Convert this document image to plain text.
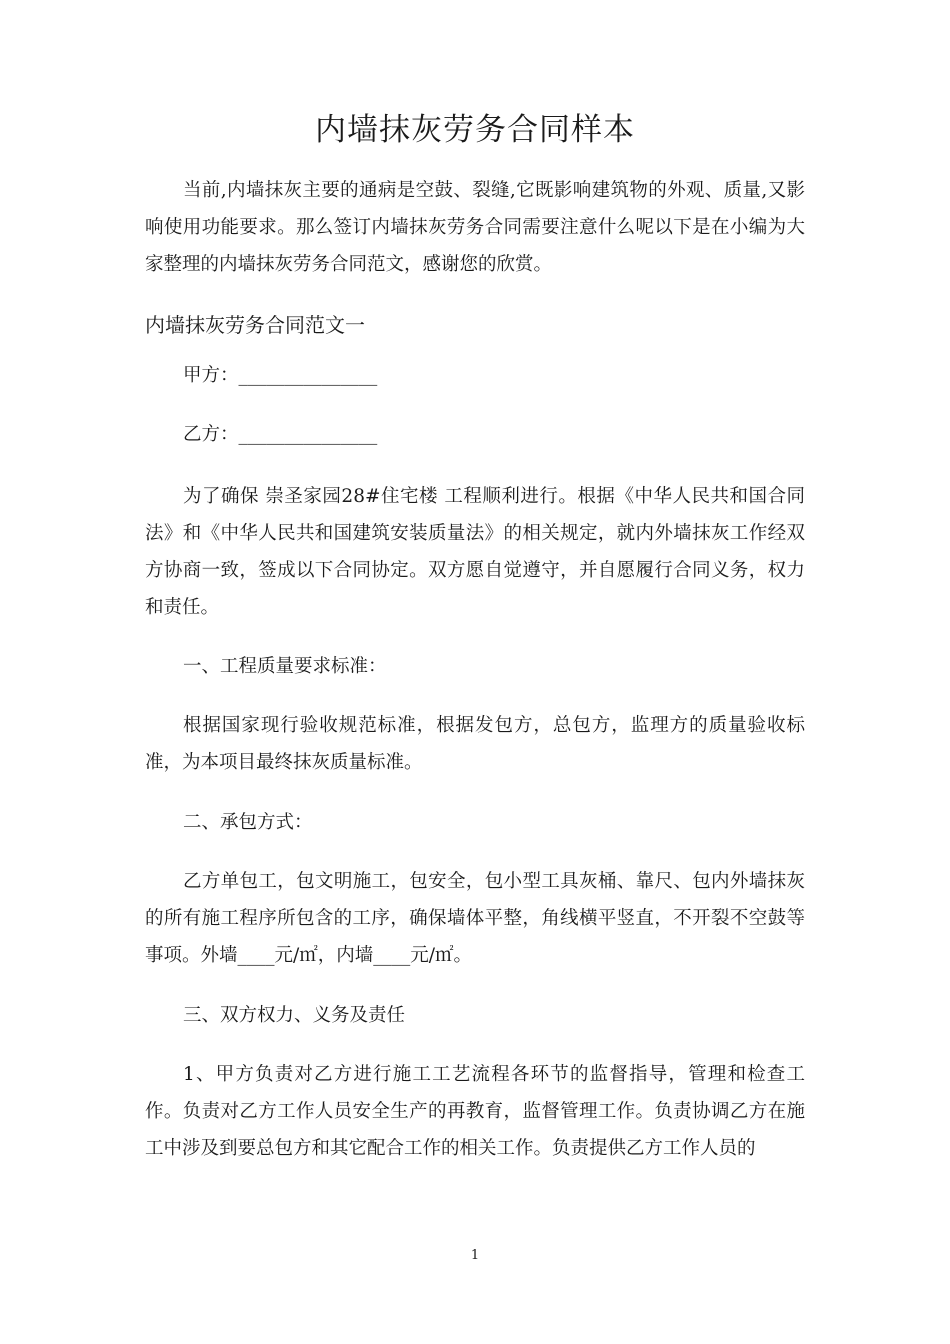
内墙抹灰劳务合同样本

当前,内墙抹灰主要的通病是空鼓、裂缝,它既影响建筑物的外观、质量,又影响使用功能要求。那么签订内墙抹灰劳务合同需要注意什么呢以下是在小编为大家整理的内墙抹灰劳务合同范文，感谢您的欣赏。

内墙抹灰劳务合同范文一
甲方：_______________
乙方：_______________

为了确保 崇圣家园28#住宅楼 工程顺利进行。根据《中华人民共和国合同法》和《中华人民共和国建筑安装质量法》的相关规定，就内外墙抹灰工作经双方协商一致，签成以下合同协定。双方愿自觉遵守，并自愿履行合同义务，权力和责任。

一、工程质量要求标准：

根据国家现行验收规范标准，根据发包方，总包方，监理方的质量验收标准，为本项目最终抹灰质量标准。

二、承包方式：

乙方单包工，包文明施工，包安全，包小型工具灰桶、靠尺、包内外墙抹灰的所有施工程序所包含的工序，确保墙体平整，角线横平竖直，不开裂不空鼓等事项。外墙____元/㎡，内墙____元/㎡。

三、双方权力、义务及责任

1、甲方负责对乙方进行施工工艺流程各环节的监督指导，管理和检查工作。负责对乙方工作人员安全生产的再教育，监督管理工作。负责协调乙方在施工中涉及到要总包方和其它配合工作的相关工作。负责提供乙方工作人员的

1
